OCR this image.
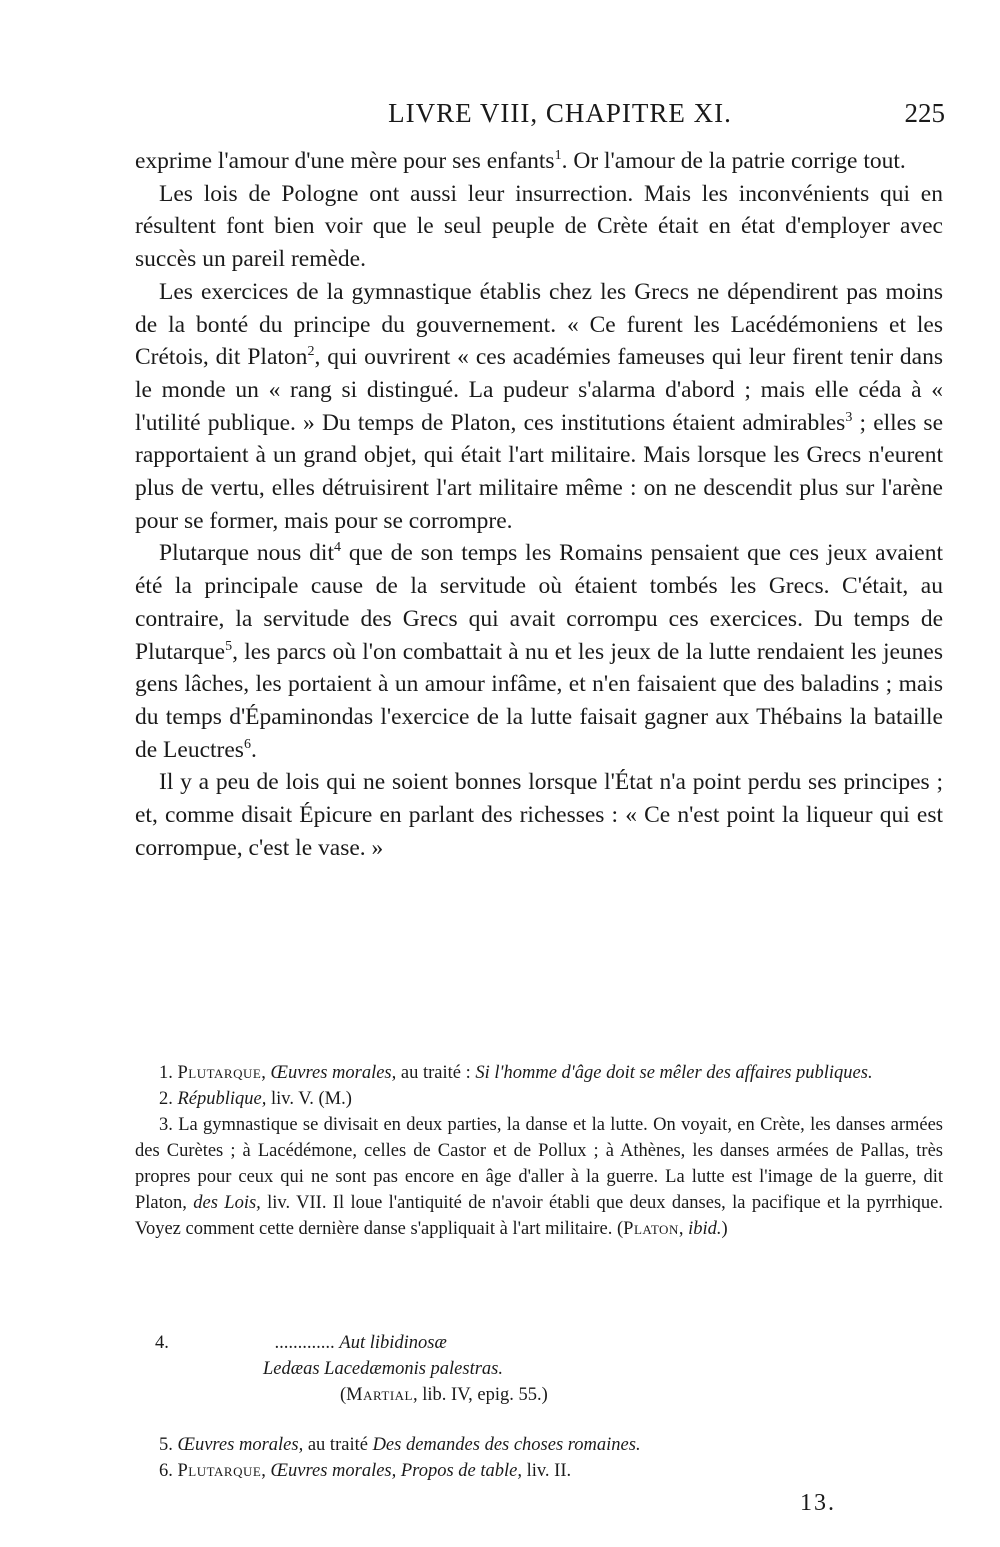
LIVRE VIII, CHAPITRE XI.	225

exprime l'amour d'une mère pour ses enfants$^1$. Or l'amour de la patrie corrige tout.

Les lois de Pologne ont aussi leur insurrection. Mais les inconvénients qui en résultent font bien voir que le seul peuple de Crète était en état d'employer avec succès un pareil remède.

Les exercices de la gymnastique établis chez les Grecs ne dépendirent pas moins de la bonté du principe du gouvernement. « Ce furent les Lacédémoniens et les Crétois, dit Platon$^2$, qui ouvrirent « ces académies fameuses qui leur firent tenir dans le monde un « rang si distingué. La pudeur s'alarma d'abord ; mais elle céda à « l'utilité publique. » Du temps de Platon, ces institutions étaient admirables$^3$ ; elles se rapportaient à un grand objet, qui était l'art militaire. Mais lorsque les Grecs n'eurent plus de vertu, elles détruisirent l'art militaire même : on ne descendit plus sur l'arène pour se former, mais pour se corrompre.

Plutarque nous dit$^4$ que de son temps les Romains pensaient que ces jeux avaient été la principale cause de la servitude où étaient tombés les Grecs. C'était, au contraire, la servitude des Grecs qui avait corrompu ces exercices. Du temps de Plutarque$^5$, les parcs où l'on combattait à nu et les jeux de la lutte rendaient les jeunes gens lâches, les portaient à un amour infâme, et n'en faisaient que des baladins ; mais du temps d'Épaminondas l'exercice de la lutte faisait gagner aux Thébains la bataille de Leuctres$^6$.

Il y a peu de lois qui ne soient bonnes lorsque l'État n'a point perdu ses principes ; et, comme disait Épicure en parlant des richesses : « Ce n'est point la liqueur qui est corrompue, c'est le vase. »

1. Plutarque, Œuvres morales, au traité : Si l'homme d'âge doit se mêler des affaires publiques.

2. République, liv. V. (M.)

3. La gymnastique se divisait en deux parties, la danse et la lutte. On voyait, en Crète, les danses armées des Curètes ; à Lacédémone, celles de Castor et de Pollux ; à Athènes, les danses armées de Pallas, très propres pour ceux qui ne sont pas encore en âge d'aller à la guerre. La lutte est l'image de la guerre, dit Platon, des Lois, liv. VII. Il loue l'antiquité de n'avoir établi que deux danses, la pacifique et la pyrrhique. Voyez comment cette dernière danse s'appliquait à l'art militaire. (Platon, ibid.)

4.	............. Aut libidinosæ
Ledæas Lacedæmonis palestras.
(Martial, lib. IV, epig. 55.)

5. Œuvres morales, au traité Des demandes des choses romaines.

6. Plutarque, Œuvres morales, Propos de table, liv. II.

13.
